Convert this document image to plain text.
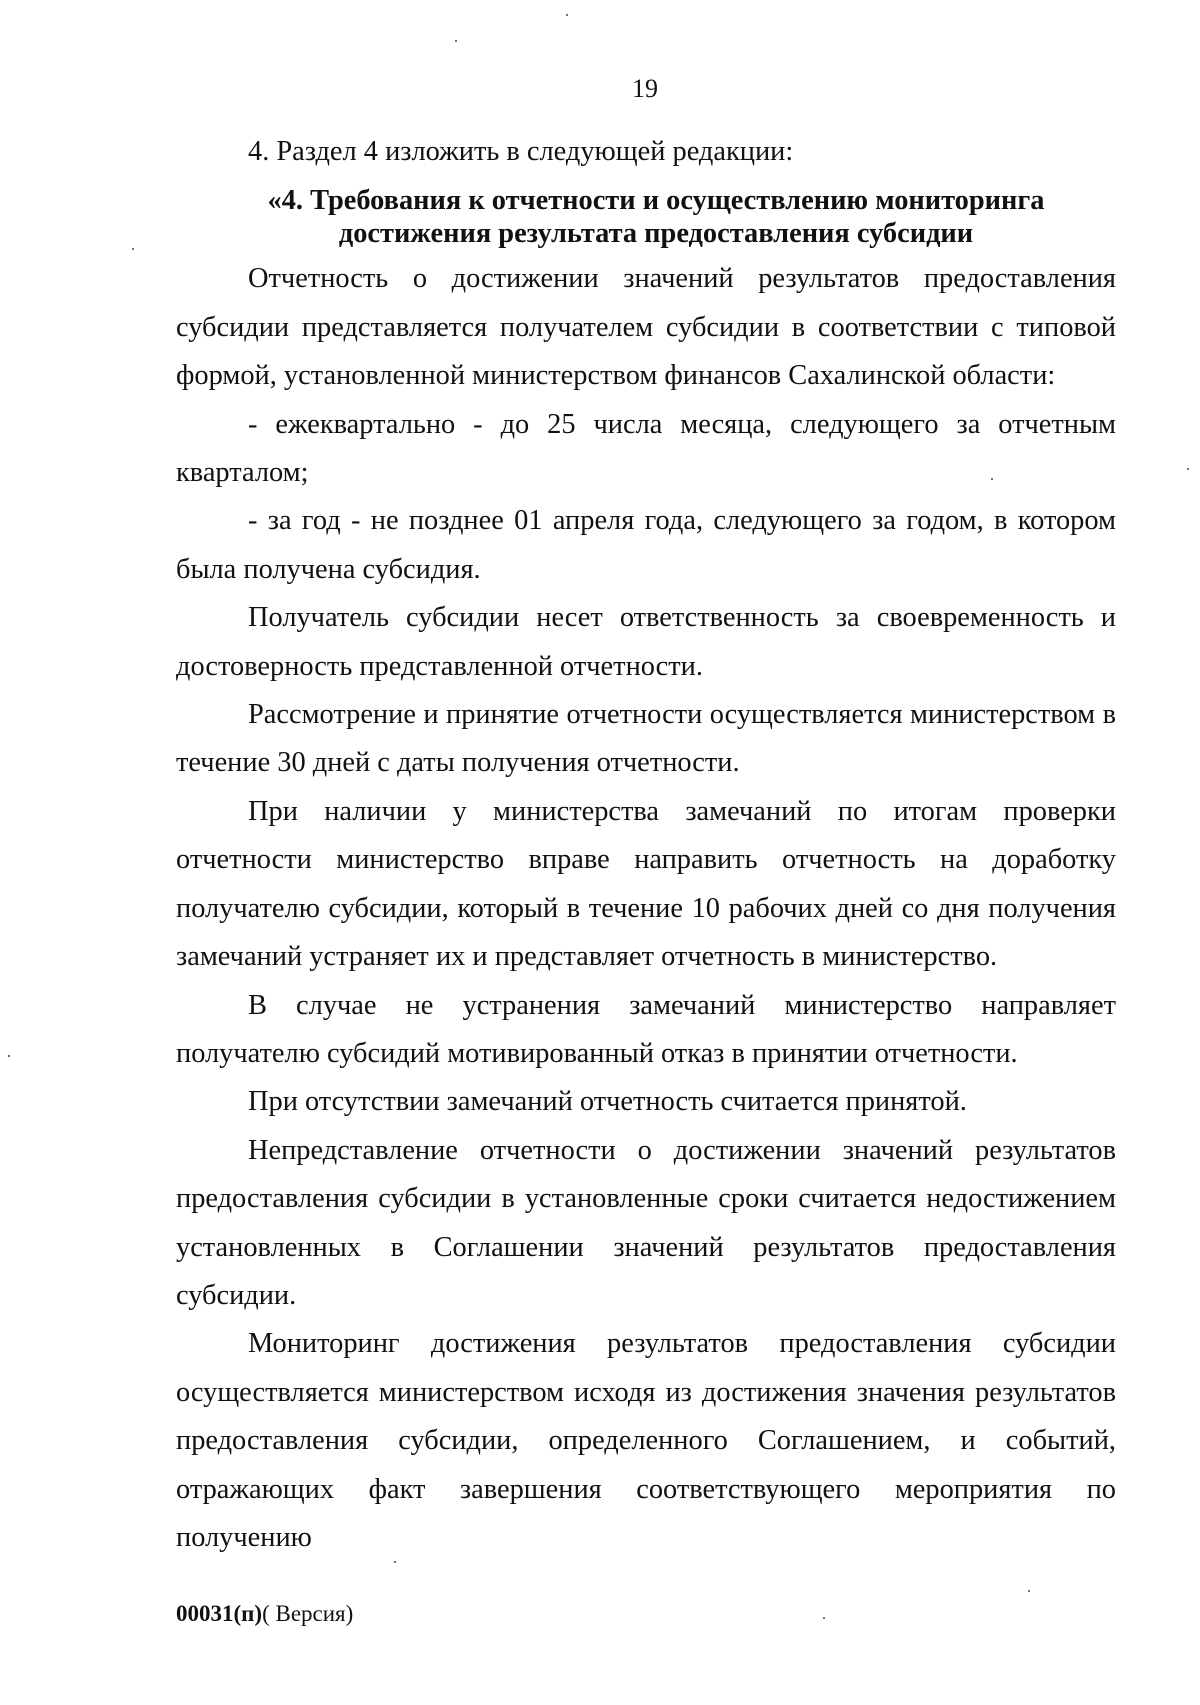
19

4. Раздел 4 изложить в следующей редакции:

«4. Требования к отчетности и осуществлению мониторинга
достижения результата предоставления субсидии

Отчетность о достижении значений результатов предоставления субсидии представляется получателем субсидии в соответствии с типовой формой, установленной министерством финансов Сахалинской области:

- ежеквартально - до 25 числа месяца, следующего за отчетным кварталом;

- за год - не позднее 01 апреля года, следующего за годом, в котором была получена субсидия.

Получатель субсидии несет ответственность за своевременность и достоверность представленной отчетности.

Рассмотрение и принятие отчетности осуществляется министерством в течение 30 дней с даты получения отчетности.

При наличии у министерства замечаний по итогам проверки отчетности министерство вправе направить отчетность на доработку получателю субсидии, который в течение 10 рабочих дней со дня получения замечаний устраняет их и представляет отчетность в министерство.

В случае не устранения замечаний министерство направляет получателю субсидий мотивированный отказ в принятии отчетности.

При отсутствии замечаний отчетность считается принятой.

Непредставление отчетности о достижении значений результатов предоставления субсидии в установленные сроки считается недостижением установленных в Соглашении значений результатов предоставления субсидии.

Мониторинг достижения результатов предоставления субсидии осуществляется министерством исходя из достижения значения результатов предоставления субсидии, определенного Соглашением, и событий, отражающих факт завершения соответствующего мероприятия по получению

00031(п)( Версия)
